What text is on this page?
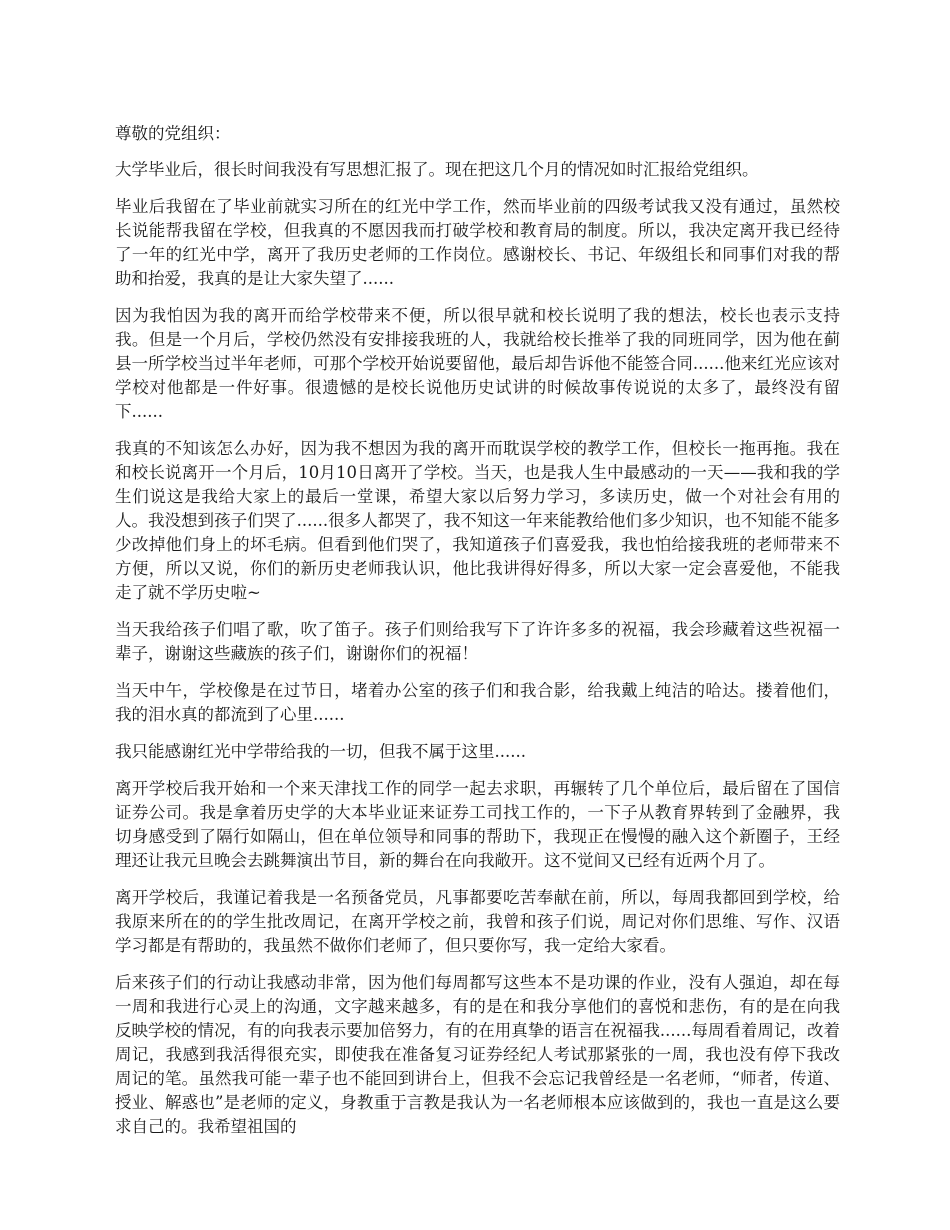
尊敬的党组织：

大学毕业后，很长时间我没有写思想汇报了。现在把这几个月的情况如时汇报给党组织。

毕业后我留在了毕业前就实习所在的红光中学工作，然而毕业前的四级考试我又没有通过，虽然校长说能帮我留在学校，但我真的不愿因我而打破学校和教育局的制度。所以，我决定离开我已经待了一年的红光中学，离开了我历史老师的工作岗位。感谢校长、书记、年级组长和同事们对我的帮助和抬爱，我真的是让大家失望了......

因为我怕因为我的离开而给学校带来不便，所以很早就和校长说明了我的想法，校长也表示支持我。但是一个月后，学校仍然没有安排接我班的人，我就给校长推举了我的同班同学，因为他在蓟县一所学校当过半年老师，可那个学校开始说要留他，最后却告诉他不能签合同......他来红光应该对学校对他都是一件好事。很遗憾的是校长说他历史试讲的时候故事传说说的太多了，最终没有留下......

我真的不知该怎么办好，因为我不想因为我的离开而耽误学校的教学工作，但校长一拖再拖。我在和校长说离开一个月后，10月10日离开了学校。当天，也是我人生中最感动的一天——我和我的学生们说这是我给大家上的最后一堂课，希望大家以后努力学习，多读历史，做一个对社会有用的人。我没想到孩子们哭了......很多人都哭了，我不知这一年来能教给他们多少知识，也不知能不能多少改掉他们身上的坏毛病。但看到他们哭了，我知道孩子们喜爱我，我也怕给接我班的老师带来不方便，所以又说，你们的新历史老师我认识，他比我讲得好得多，所以大家一定会喜爱他，不能我走了就不学历史啦~

当天我给孩子们唱了歌，吹了笛子。孩子们则给我写下了许许多多的祝福，我会珍藏着这些祝福一辈子，谢谢这些藏族的孩子们，谢谢你们的祝福！

当天中午，学校像是在过节日，堵着办公室的孩子们和我合影，给我戴上纯洁的哈达。搂着他们，我的泪水真的都流到了心里......

我只能感谢红光中学带给我的一切，但我不属于这里......

离开学校后我开始和一个来天津找工作的同学一起去求职，再辗转了几个单位后，最后留在了国信证券公司。我是拿着历史学的大本毕业证来证券工司找工作的，一下子从教育界转到了金融界，我切身感受到了隔行如隔山，但在单位领导和同事的帮助下，我现正在慢慢的融入这个新圈子，王经理还让我元旦晚会去跳舞演出节目，新的舞台在向我敞开。这不觉间又已经有近两个月了。

离开学校后，我谨记着我是一名预备党员，凡事都要吃苦奉献在前，所以，每周我都回到学校，给我原来所在的的学生批改周记，在离开学校之前，我曾和孩子们说，周记对你们思维、写作、汉语学习都是有帮助的，我虽然不做你们老师了，但只要你写，我一定给大家看。

后来孩子们的行动让我感动非常，因为他们每周都写这些本不是功课的作业，没有人强迫，却在每一周和我进行心灵上的沟通，文字越来越多，有的是在和我分享他们的喜悦和悲伤，有的是在向我反映学校的情况，有的向我表示要加倍努力，有的在用真挚的语言在祝福我......每周看着周记，改着周记，我感到我活得很充实，即使我在准备复习证券经纪人考试那紧张的一周，我也没有停下我改周记的笔。虽然我可能一辈子也不能回到讲台上，但我不会忘记我曾经是一名老师，“师者，传道、授业、解惑也”是老师的定义，身教重于言教是我认为一名老师根本应该做到的，我也一直是这么要求自己的。我希望祖国的
